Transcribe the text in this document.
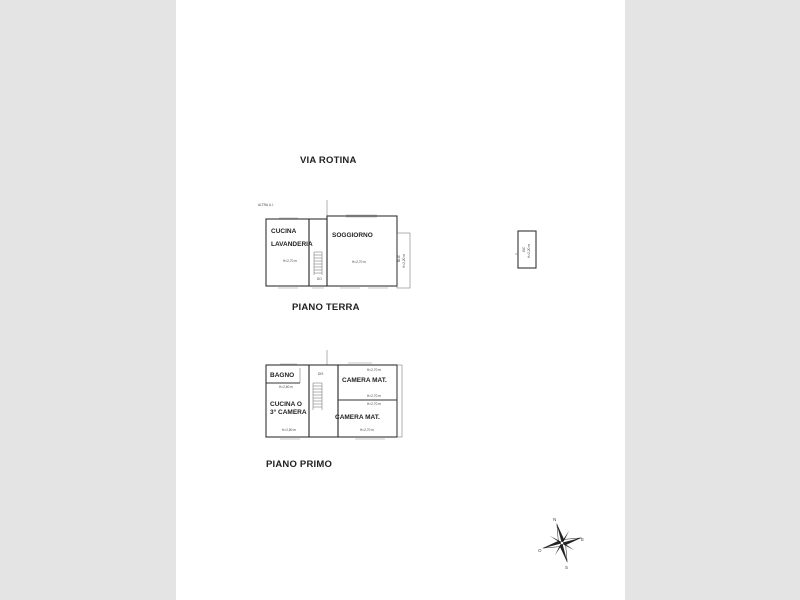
VIA ROTINA
ALTRA U.I.
CUCINA
LAVANDERIA
SOGGIORNO
H=2,70 m	H=2,70 m
DO
BLIC H=2,20 m
PIANO TERRA
WC H=2,20 m
BAGNO
H=2,60 m
DIS
CUCINA O
3° CAMERA
H=2,60 m
CAMERA MAT.
H=2,70 m
H=2,70 m
CAMERA MAT.
H=2,70 m
H=2,70 m
PIANO PRIMO
N
E
S
O
